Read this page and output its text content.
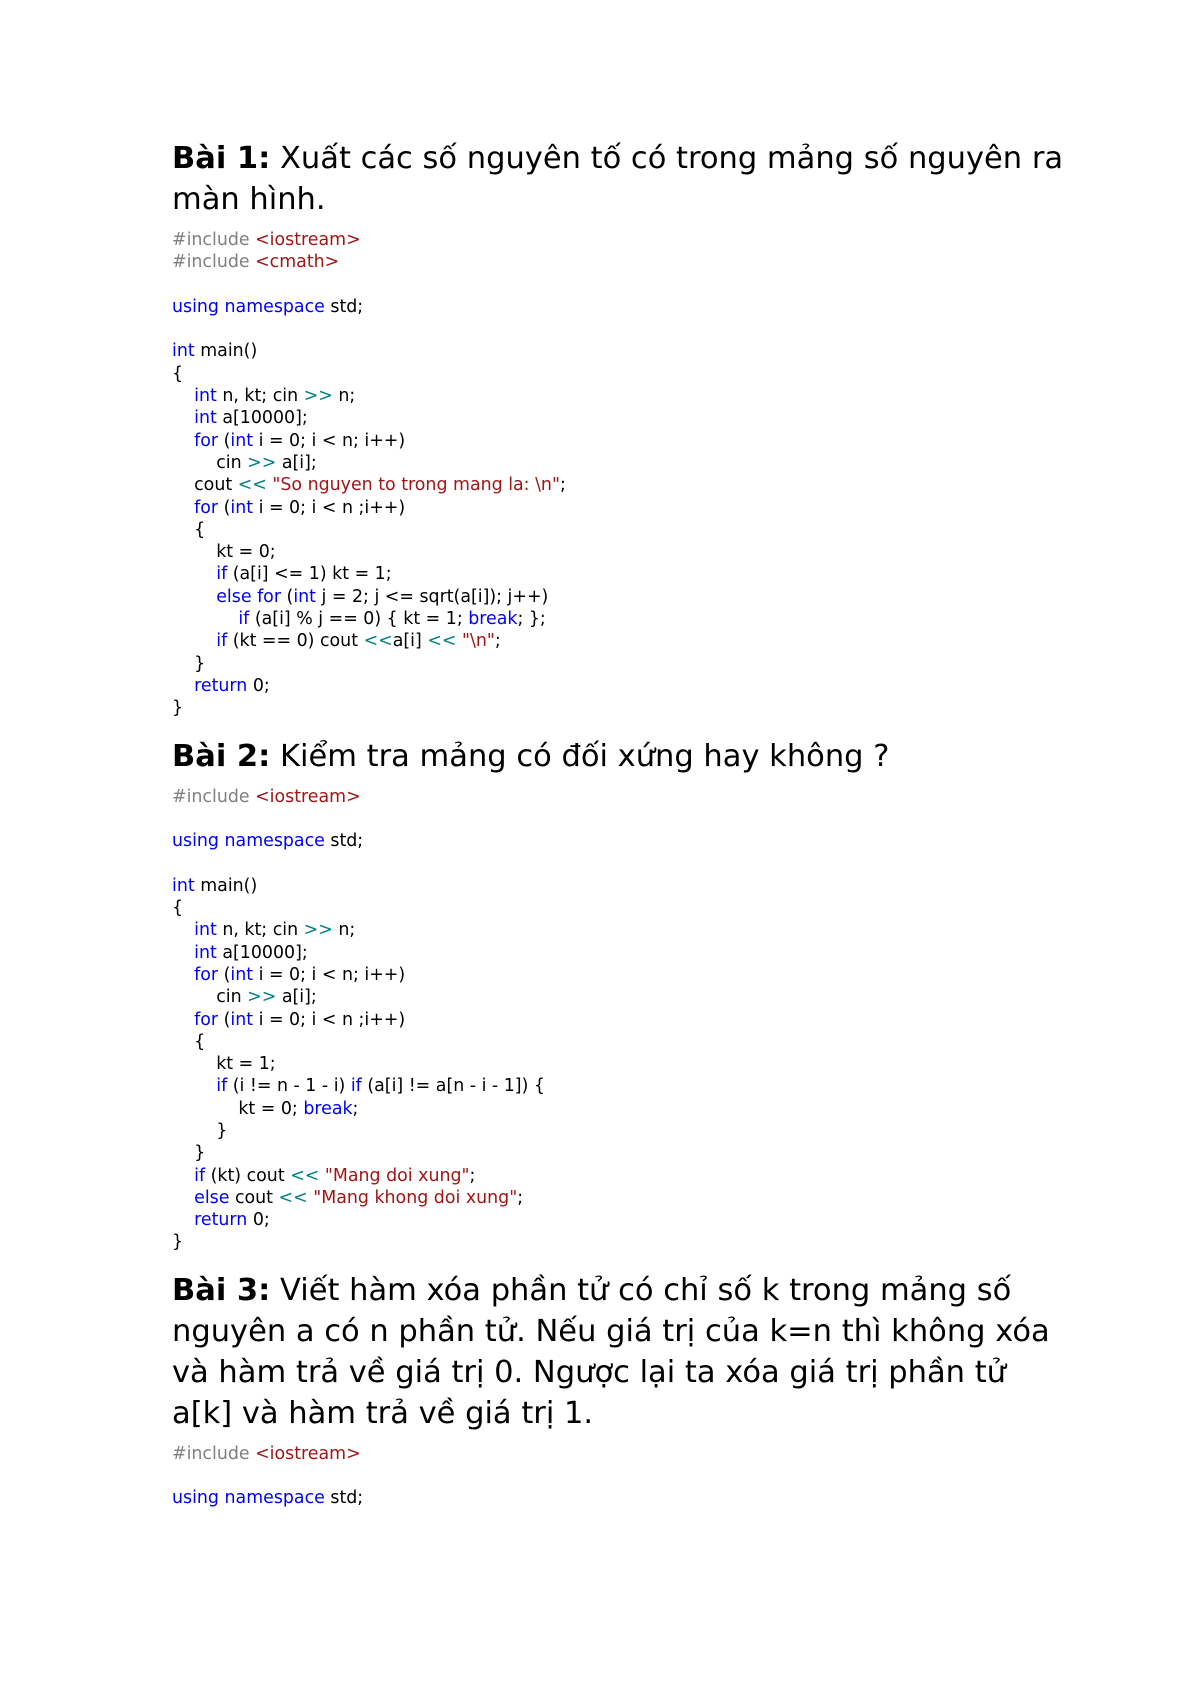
Bài 1: Xuất các số nguyên tố có trong mảng số nguyên ra màn hình.
#include <iostream>
#include <cmath>
using namespace std;
int main()
{
int n, kt; cin >> n;
int a[10000];
for (int i = 0; i < n; i++)
cin >> a[i];
cout << "So nguyen to trong mang la: \n";
for (int i = 0; i < n ;i++)
{
kt = 0;
if (a[i] <= 1) kt = 1;
else for (int j = 2; j <= sqrt(a[i]); j++)
if (a[i] % j == 0) { kt = 1; break; };
if (kt == 0) cout <<a[i] << "\n";
}
return 0;
}
Bài 2: Kiểm tra mảng có đối xứng hay không ?
#include <iostream>
using namespace std;
int main()
{
int n, kt; cin >> n;
int a[10000];
for (int i = 0; i < n; i++)
cin >> a[i];
for (int i = 0; i < n ;i++)
{
kt = 1;
if (i != n - 1 - i) if (a[i] != a[n - i - 1]) {
kt = 0; break;
}
}
if (kt) cout << "Mang doi xung";
else cout << "Mang khong doi xung";
return 0;
}
Bài 3: Viết hàm xóa phần tử có chỉ số k trong mảng số nguyên a có n phần tử. Nếu giá trị của k=n thì không xóa và hàm trả về giá trị 0. Ngược lại ta xóa giá trị phần tử a[k] và hàm trả về giá trị 1.
#include <iostream>
using namespace std;
